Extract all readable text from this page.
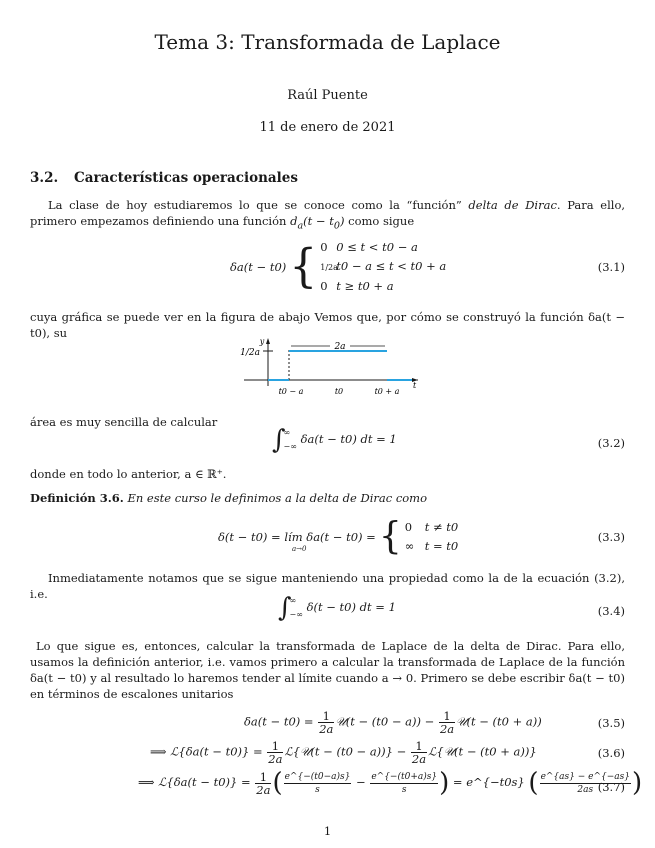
Tema 3: Transformada de Laplace
Raúl Puente
11 de enero de 2021
3.2. Características operacionales
La clase de hoy estudiaremos lo que se conoce como la “función” delta de Dirac. Para ello, primero empezamos definiendo una función $d_a(t - t_0)$ como sigue
δa(t − t0) { 0 0 ≤ t < t0 − a
1/2at0 − a ≤ t < t0 + a
0 t ≥ t0 + a
(3.1)
cuya gráfica se puede ver en la figura de abajo Vemos que, por cómo se construyó la función δa(t − t0), su
2a
y
t
1/2a
t0 − a	t0	t0 + a
área es muy sencilla de calcular
∫
∞
−∞
δa(t − t0) dt = 1	(3.2)
donde en todo lo anterior, a ∈ ℝ⁺.
Definición 3.6. En este curso le definimos a la delta de Dirac como
δ(t − t0) = lím δa(t − t0) =
a→0 { 0 t ≠ t0
∞ t = t0
(3.3)
Inmediatamente notamos que se sigue manteniendo una propiedad como la de la ecuación (3.2), i.e.	∫
∞
−∞
δ(t − t0) dt = 1	(3.4)
Lo que sigue es, entonces, calcular la transformada de Laplace de la delta de Dirac. Para ello, usamos la definición anterior, i.e. vamos primero a calcular la transformada de Laplace de la función δa(t − t0) y al resultado lo haremos tender al límite cuando a → 0. Primero se debe escribir δa(t − t0) en términos de escalones unitarios
$\delta a(t - t0) = \frac{1}{2a}$ 𝒰(t − $(t0 - a)) - \frac{1}{2a}$ 𝒰(t − (t0 + a))	(3.5)
⟹ ℒ{δa(t − $t0)\} = \frac{1}{2a}$ ℒ{𝒰(t − $(t0 - a))\} - \frac{1}{2a}$ ℒ{𝒰(t − (t0 + a))}	(3.6)
⟹ ℒ{δa(t − $t0)\} = \frac{1}{2a}$ ( $\frac{e\^{}\{-(t0-a)s\}}{s} - \frac{e\^{}\{-(t0+a)s\}}{s}$ ) = e^{−t0s} ( $\frac{e\^{}\{as\} - e\^{}\{-as\}}{2as}$ )
(3.7)
1
